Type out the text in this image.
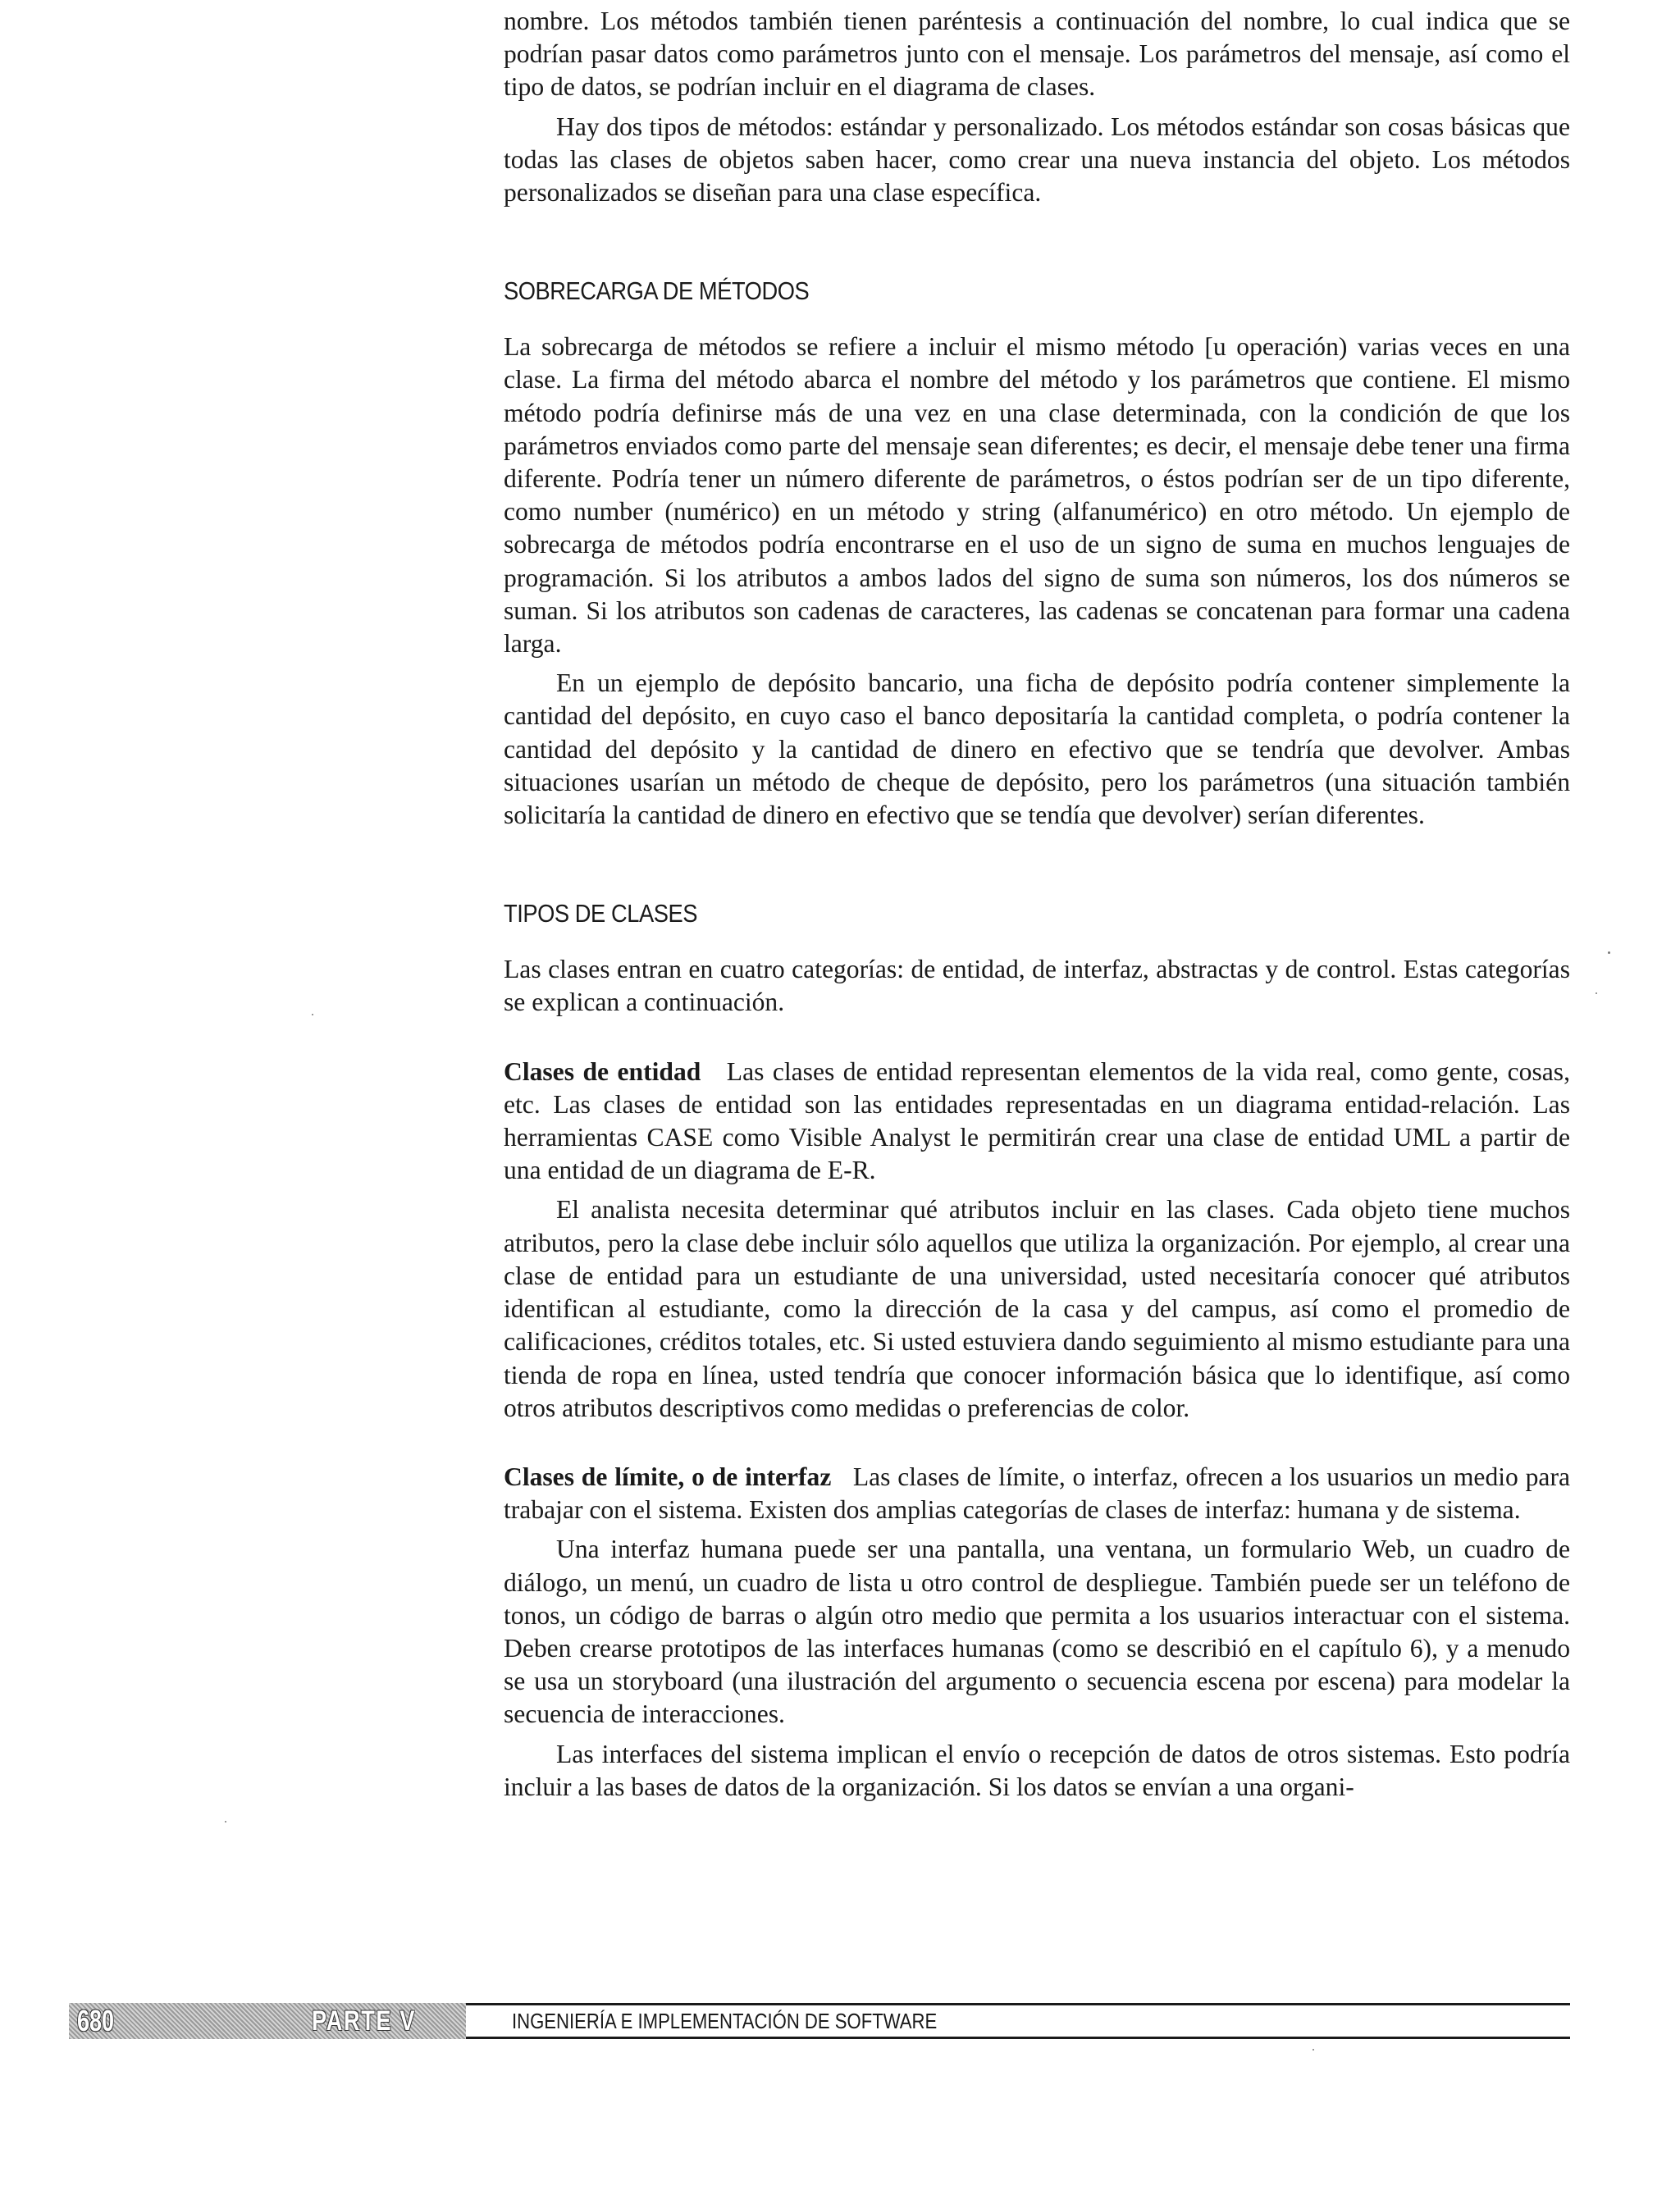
nombre. Los métodos también tienen paréntesis a continuación del nombre, lo cual indica que se podrían pasar datos como parámetros junto con el mensaje. Los parámetros del mensaje, así como el tipo de datos, se podrían incluir en el diagrama de clases.

Hay dos tipos de métodos: estándar y personalizado. Los métodos estándar son cosas básicas que todas las clases de objetos saben hacer, como crear una nueva instancia del objeto. Los métodos personalizados se diseñan para una clase específica.

SOBRECARGA DE MÉTODOS

La sobrecarga de métodos se refiere a incluir el mismo método [u operación) varias veces en una clase. La firma del método abarca el nombre del método y los parámetros que contiene. El mismo método podría definirse más de una vez en una clase determinada, con la condición de que los parámetros enviados como parte del mensaje sean diferentes; es decir, el mensaje debe tener una firma diferente. Podría tener un número diferente de parámetros, o éstos podrían ser de un tipo diferente, como number (numérico) en un método y string (alfanumérico) en otro método. Un ejemplo de sobrecarga de métodos podría encontrarse en el uso de un signo de suma en muchos lenguajes de programación. Si los atributos a ambos lados del signo de suma son números, los dos números se suman. Si los atributos son cadenas de caracteres, las cadenas se concatenan para formar una cadena larga.

En un ejemplo de depósito bancario, una ficha de depósito podría contener simplemente la cantidad del depósito, en cuyo caso el banco depositaría la cantidad completa, o podría contener la cantidad del depósito y la cantidad de dinero en efectivo que se tendría que devolver. Ambas situaciones usarían un método de cheque de depósito, pero los parámetros (una situación también solicitaría la cantidad de dinero en efectivo que se tendía que devolver) serían diferentes.

TIPOS DE CLASES

Las clases entran en cuatro categorías: de entidad, de interfaz, abstractas y de control. Estas categorías se explican a continuación.

Clases de entidad Las clases de entidad representan elementos de la vida real, como gente, cosas, etc. Las clases de entidad son las entidades representadas en un diagrama entidad-relación. Las herramientas CASE como Visible Analyst le permitirán crear una clase de entidad UML a partir de una entidad de un diagrama de E-R.

El analista necesita determinar qué atributos incluir en las clases. Cada objeto tiene muchos atributos, pero la clase debe incluir sólo aquellos que utiliza la organización. Por ejemplo, al crear una clase de entidad para un estudiante de una universidad, usted necesitaría conocer qué atributos identifican al estudiante, como la dirección de la casa y del campus, así como el promedio de calificaciones, créditos totales, etc. Si usted estuviera dando seguimiento al mismo estudiante para una tienda de ropa en línea, usted tendría que conocer información básica que lo identifique, así como otros atributos descriptivos como medidas o preferencias de color.

Clases de límite, o de interfaz Las clases de límite, o interfaz, ofrecen a los usuarios un medio para trabajar con el sistema. Existen dos amplias categorías de clases de interfaz: humana y de sistema.

Una interfaz humana puede ser una pantalla, una ventana, un formulario Web, un cuadro de diálogo, un menú, un cuadro de lista u otro control de despliegue. También puede ser un teléfono de tonos, un código de barras o algún otro medio que permita a los usuarios interactuar con el sistema. Deben crearse prototipos de las interfaces humanas (como se describió en el capítulo 6), y a menudo se usa un storyboard (una ilustración del argumento o secuencia escena por escena) para modelar la secuencia de interacciones.

Las interfaces del sistema implican el envío o recepción de datos de otros sistemas. Esto podría incluir a las bases de datos de la organización. Si los datos se envían a una organi-

680	PARTE V	INGENIERÍA E IMPLEMENTACIÓN DE SOFTWARE
